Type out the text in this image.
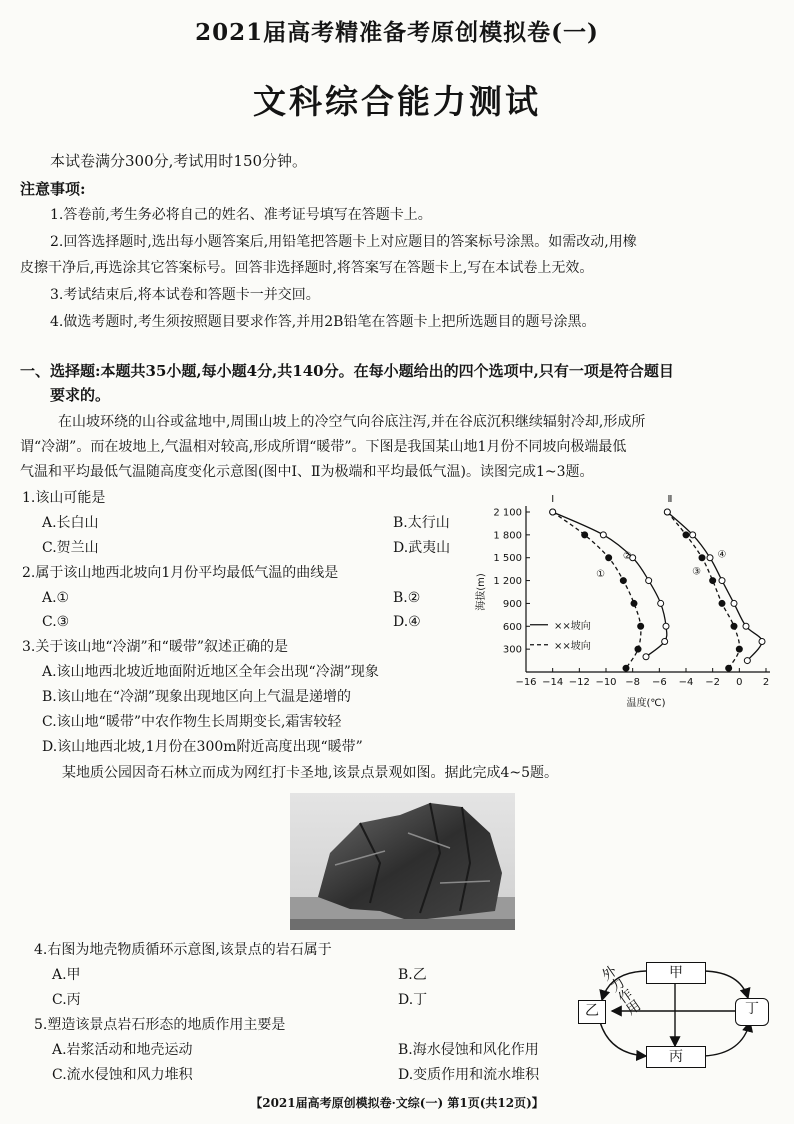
2021届高考精准备考原创模拟卷(一)
文科综合能力测试
本试卷满分300分,考试用时150分钟。
注意事项:
1.答卷前,考生务必将自己的姓名、准考证号填写在答题卡上。
2.回答选择题时,选出每小题答案后,用铅笔把答题卡上对应题目的答案标号涂黑。如需改动,用橡
皮擦干净后,再选涂其它答案标号。回答非选择题时,将答案写在答题卡上,写在本试卷上无效。
3.考试结束后,将本试卷和答题卡一并交回。
4.做选考题时,考生须按照题目要求作答,并用2B铅笔在答题卡上把所选题目的题号涂黑。
一、选择题:本题共35小题,每小题4分,共140分。在每小题给出的四个选项中,只有一项是符合题目
要求的。
在山坡环绕的山谷或盆地中,周围山坡上的冷空气向谷底注泻,并在谷底沉积继续辐射冷却,形成所
谓“冷湖”。而在坡地上,气温相对较高,形成所谓“暖带”。下图是我国某山地1月份不同坡向极端最低
气温和平均最低气温随高度变化示意图(图中Ⅰ、Ⅱ为极端和平均最低气温)。读图完成1~3题。
1.该山可能是
A.长白山	B.太行山
C.贺兰山	D.武夷山
2.属于该山地西北坡向1月份平均最低气温的曲线是
A.①	B.②
C.③	D.④
3.关于该山地“冷湖”和“暖带”叙述正确的是
A.该山地西北坡近地面附近地区全年会出现“冷湖”现象
B.该山地在“冷湖”现象出现地区向上气温是递增的
C.该山地“暖带”中农作物生长周期变长,霜害较轻
D.该山地西北坡,1月份在300m附近高度出现“暖带”
某地质公园因奇石林立而成为网红打卡圣地,该景点景观如图。据此完成4~5题。
2 100
1 800
1 500
1 200
900
600
300
−16 −14 −12 −10 −8 −6 −4 −2 0 2
海拔(m)
温度(℃)
①
②
③
④
Ⅰ	Ⅱ
××坡向
××坡向
4.右图为地壳物质循环示意图,该景点的岩石属于
A.甲	B.乙
C.丙	D.丁
5.塑造该景点岩石形态的地质作用主要是
A.岩浆活动和地壳运动	B.海水侵蚀和风化作用
C.流水侵蚀和风力堆积	D.变质作用和流水堆积
外力作用
甲
乙	丁
丙
【2021届高考原创模拟卷·文综(一) 第1页(共12页)】
